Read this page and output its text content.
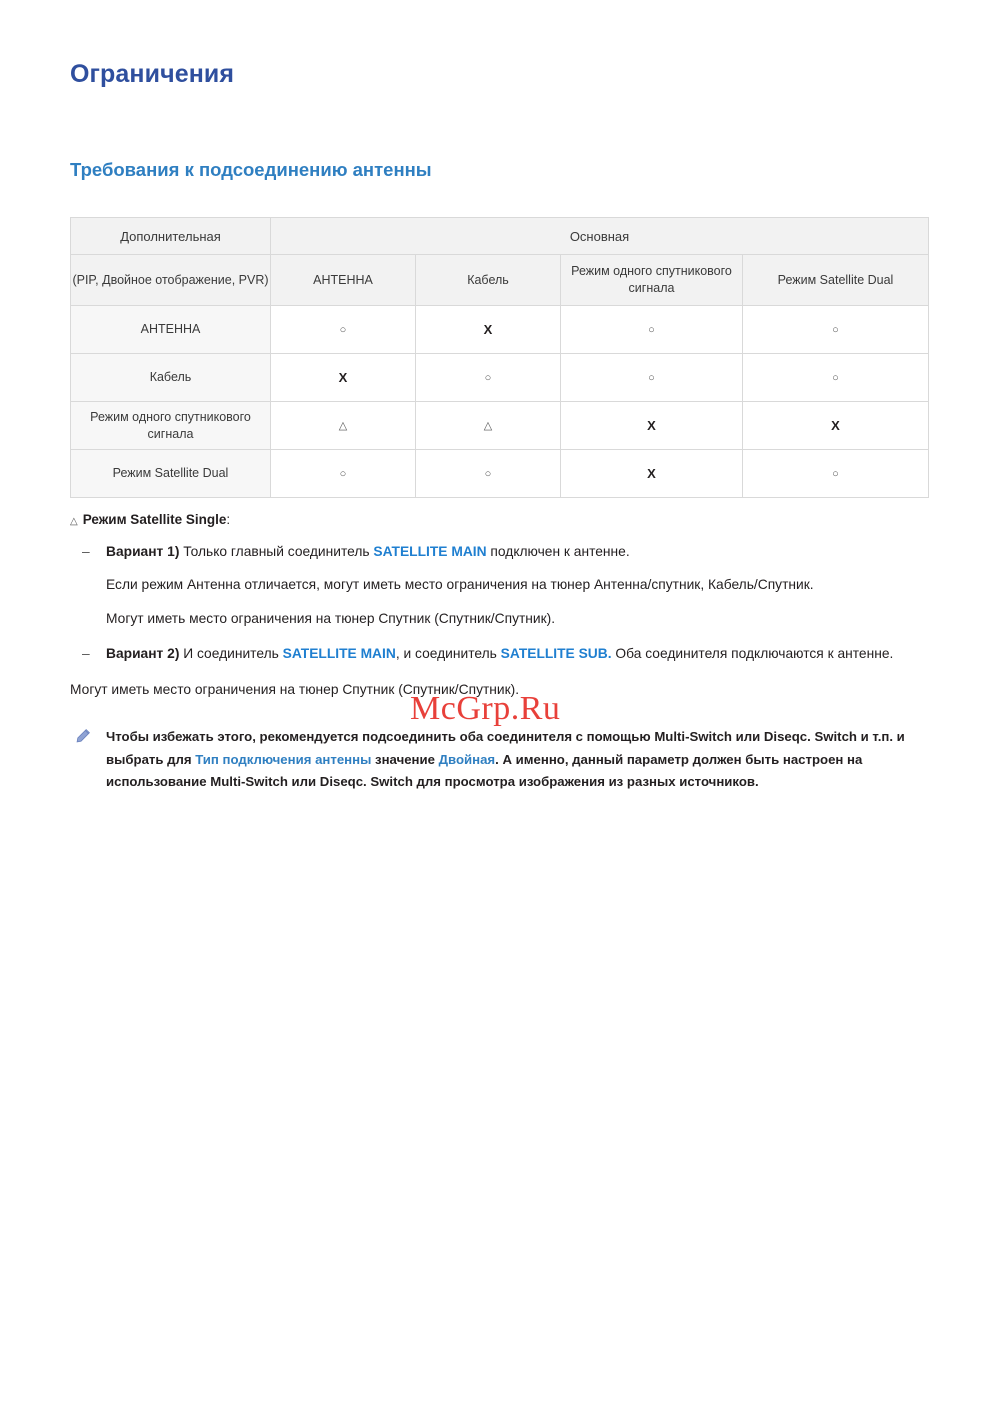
Ограничения
Требования к подсоединению антенны
Дополнительная	Основная			
(PIP, Двойное отображение, PVR)	АНТЕННА	Кабель	Режим одного спутникового сигнала	Режим Satellite Dual
АНТЕННА	○	X	○	○
Кабель	X	○	○	○
Режим одного спутникового сигнала	△	△	X	X
Режим Satellite Dual	○	○	X	○
△ Режим Satellite Single:
– Вариант 1) Только главный соединитель SATELLITE MAIN подключен к антенне.
Если режим Антенна отличается, могут иметь место ограничения на тюнер Антенна/спутник, Кабель/Спутник.
Могут иметь место ограничения на тюнер Спутник (Спутник/Спутник).
– Вариант 2) И соединитель SATELLITE MAIN, и соединитель SATELLITE SUB. Оба соединителя подключаются к антенне.
Могут иметь место ограничения на тюнер Спутник (Спутник/Спутник).
Чтобы избежать этого, рекомендуется подсоединить оба соединителя с помощью Multi-Switch или Diseqc. Switch и т.п. и выбрать для Тип подключения антенны значение Двойная. А именно, данный параметр должен быть настроен на использование Multi-Switch или Diseqc. Switch для просмотра изображения из разных источников.
McGrp.Ru
